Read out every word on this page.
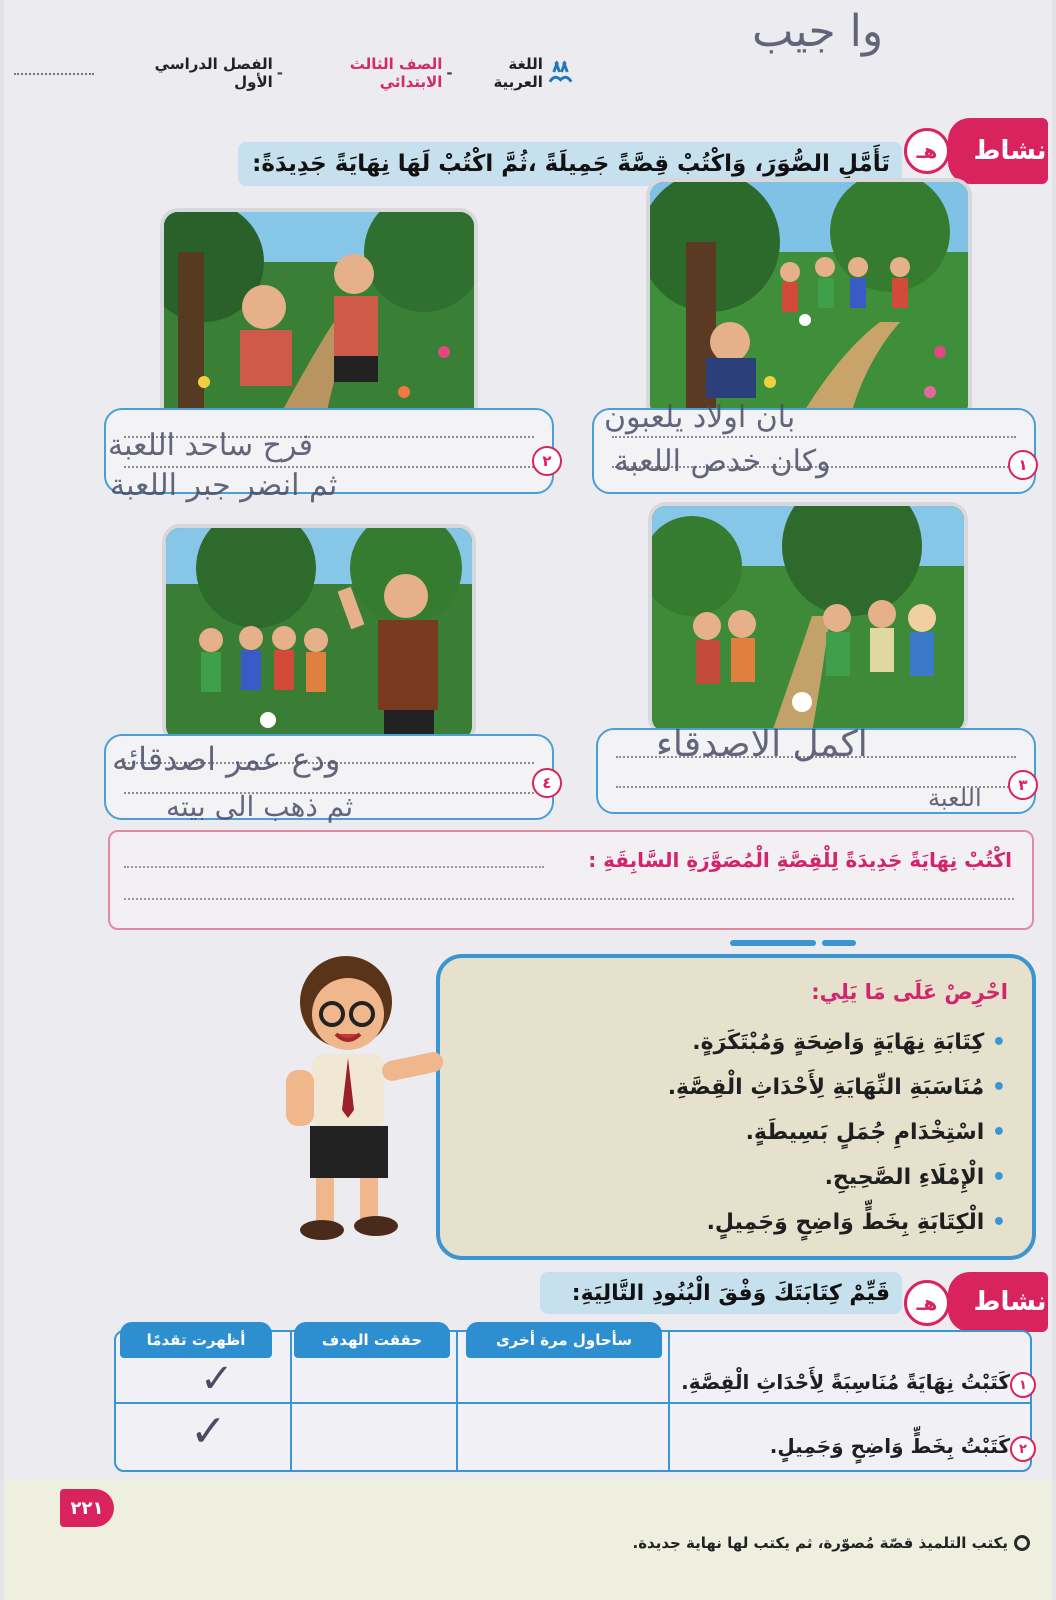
اللغة العربية
-
الصف الثالث الابتدائي
-
الفصل الدراسي الأول
وا جيب
تَأَمَّلِ الصُّوَرَ، وَاكْتُبْ قِصَّةً جَمِيلَةً ،ثُمَّ اكْتُبْ لَهَا نِهَايَةً جَدِيدَةً:	نشاط
هـ
١
بان اولاد يلعبون
وكان خدص اللعبة
٢
فرح ساحد اللعبة
ثم انضر جبر اللعبة
٣
اكمل الاصدقاء
اللعبة
٤
ودع عمر اصدقائه
ثم ذهب الى بيته
اكْتُبْ نِهَايَةً جَدِيدَةً لِلْقِصَّةِ الْمُصَوَّرَةِ السَّابِقَةِ :
احْرِصْ عَلَى مَا يَلِي:
• كِتَابَةِ نِهَايَةٍ وَاضِحَةٍ وَمُبْتَكَرَةٍ.
• مُنَاسَبَةِ النِّهَايَةِ لِأَحْدَاثِ الْقِصَّةِ.
• اسْتِخْدَامِ جُمَلٍ بَسِيطَةٍ.
• الْإِمْلَاءِ الصَّحِيحِ.
• الْكِتَابَةِ بِخَطٍّ وَاضِحٍ وَجَمِيلٍ.
قَيِّمْ كِتَابَتَكَ وَفْقَ الْبُنُودِ التَّالِيَةِ:	نشاط
هـ
سأحاول مرة أخرى
حققت الهدف
أظهرت تقدمًا
كَتَبْتُ نِهَايَةً مُنَاسِبَةً لِأَحْدَاثِ الْقِصَّةِ. ١
كَتَبْتُ بِخَطٍّ وَاضِحٍ وَجَمِيلٍ. ٢
✓
✓
٢٢١
يكتب التلميذ قصّة مُصوّرة، ثم يكتب لها نهاية جديدة.
